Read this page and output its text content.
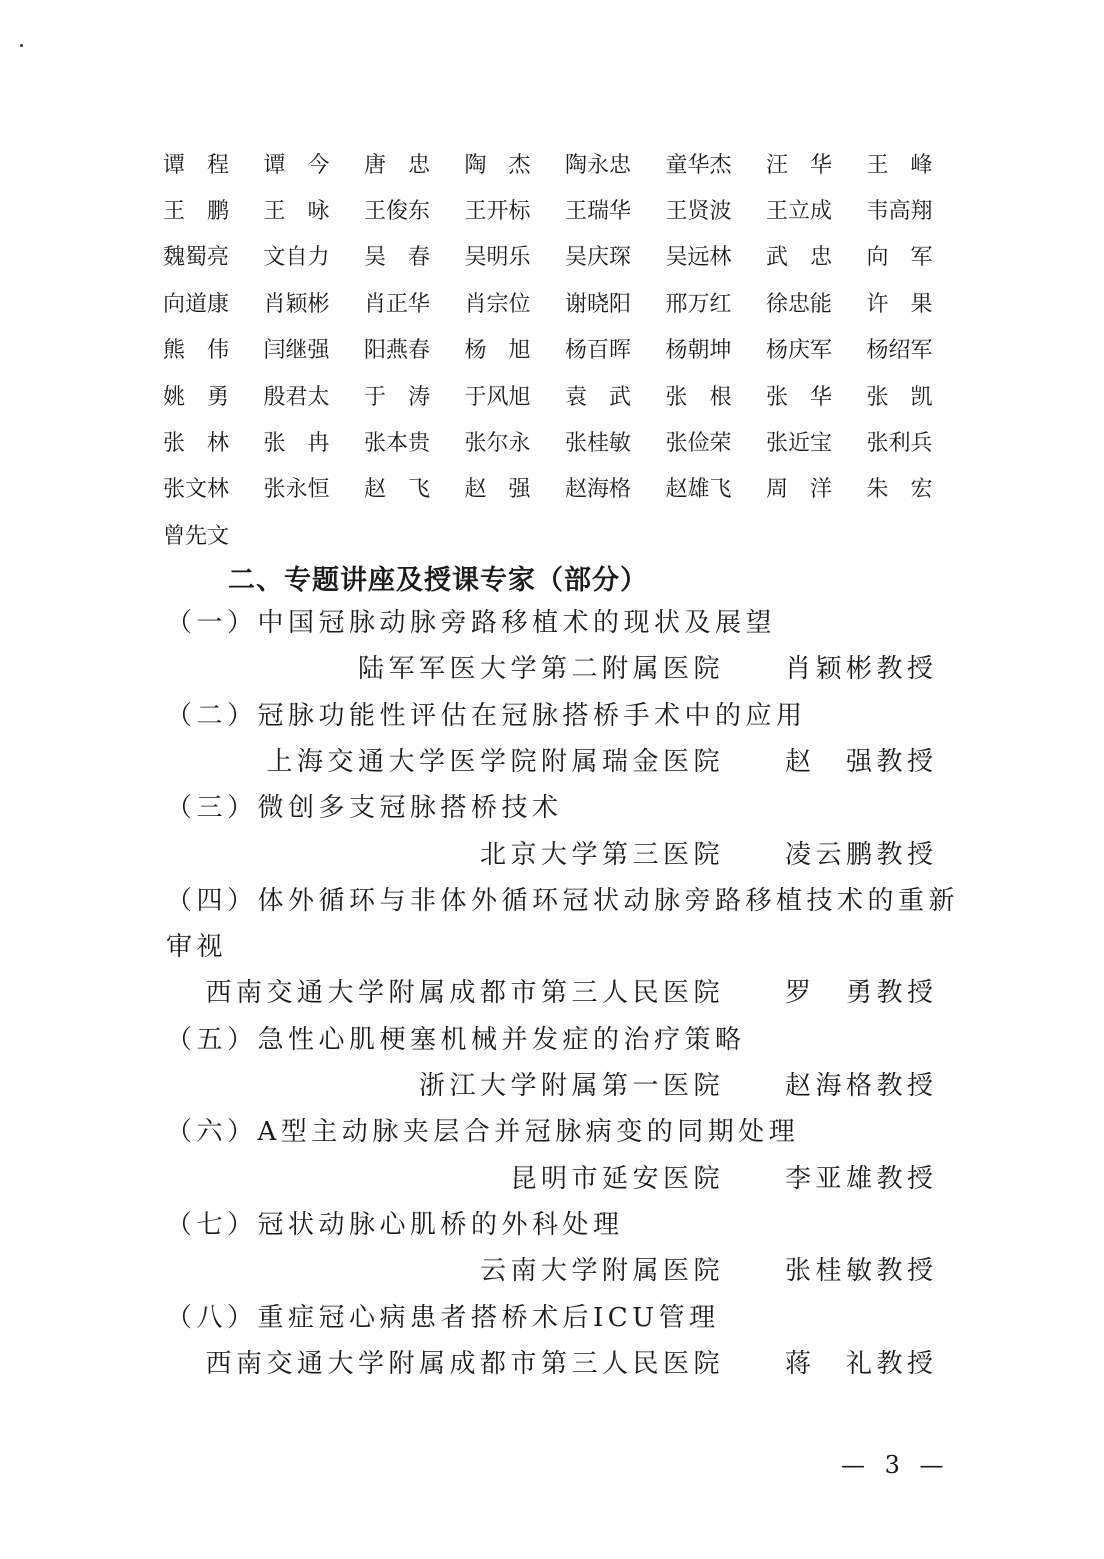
谭　程	谭　今	唐　忠	陶　杰	陶永忠	童华杰	汪　华	王　峰
王　鹏	王　咏	王俊东	王开标	王瑞华	王贤波	王立成	韦高翔
魏蜀亮	文自力	吴　春	吴明乐	吴庆琛	吴远林	武　忠	向　军
向道康	肖颖彬	肖正华	肖宗位	谢晓阳	邢万红	徐忠能	许　果
熊　伟	闫继强	阳燕春	杨　旭	杨百晖	杨朝坤	杨庆军	杨绍军
姚　勇	殷君太	于　涛	于风旭	袁　武	张　根	张　华	张　凯
张　林	张　冉	张本贵	张尔永	张桂敏	张俭荣	张近宝	张利兵
张文林	张永恒	赵　飞	赵　强	赵海格	赵雄飞	周　洋	朱　宏
曾先文
二、专题讲座及授课专家（部分）
（一）中国冠脉动脉旁路移植术的现状及展望
陆军军医大学第二附属医院 肖颖彬教授
（二）冠脉功能性评估在冠脉搭桥手术中的应用
上海交通大学医学院附属瑞金医院 赵　强教授
（三）微创多支冠脉搭桥技术
北京大学第三医院 凌云鹏教授
（四）体外循环与非体外循环冠状动脉旁路移植技术的重新
审视
西南交通大学附属成都市第三人民医院 罗　勇教授
（五）急性心肌梗塞机械并发症的治疗策略
浙江大学附属第一医院 赵海格教授
（六）A型主动脉夹层合并冠脉病变的同期处理
昆明市延安医院 李亚雄教授
（七）冠状动脉心肌桥的外科处理
云南大学附属医院 张桂敏教授
（八）重症冠心病患者搭桥术后ICU管理
西南交通大学附属成都市第三人民医院 蒋　礼教授
— 3 —
